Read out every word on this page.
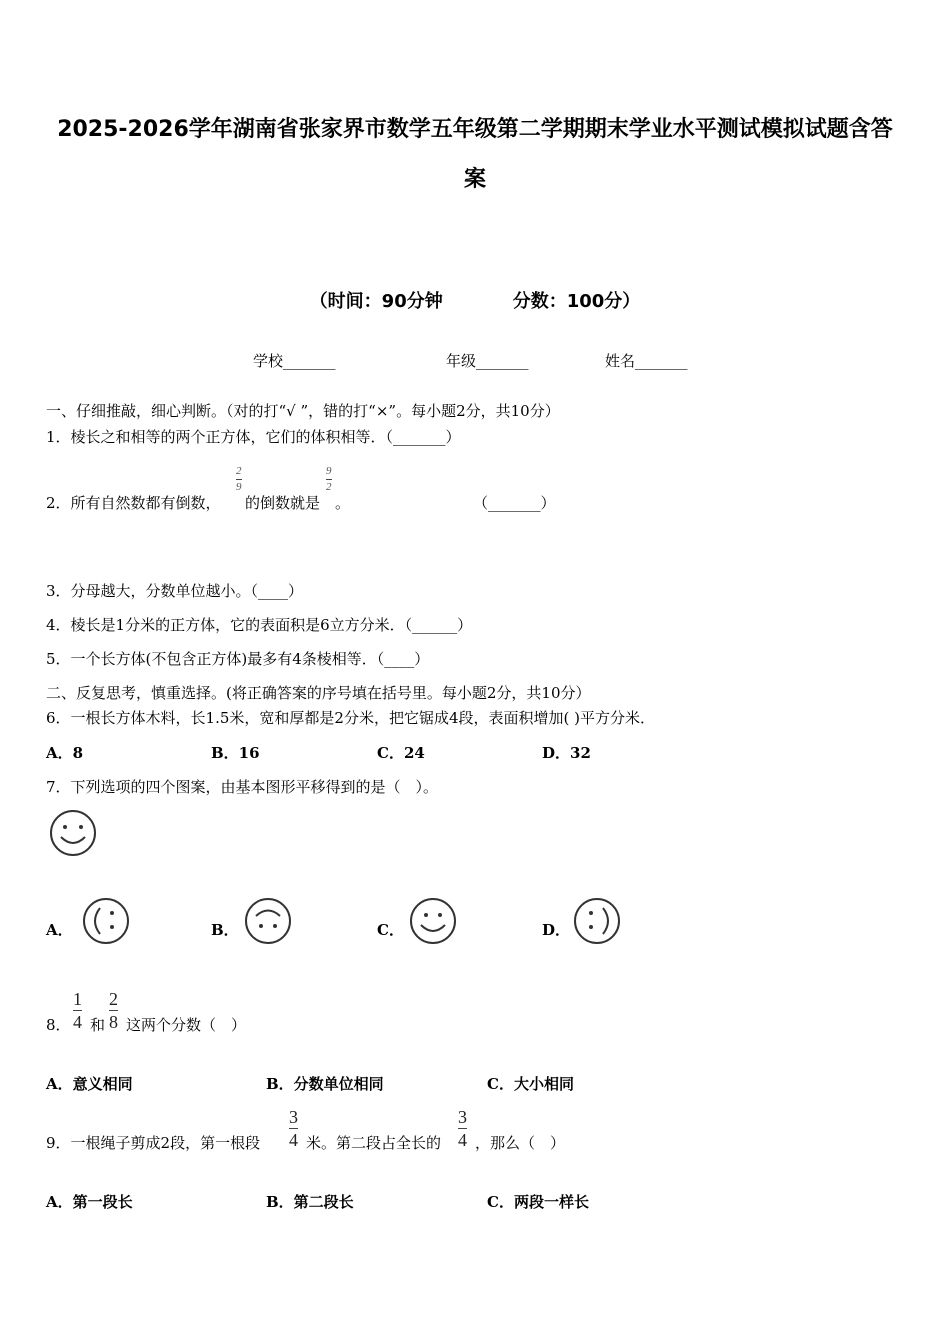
2025-2026学年湖南省张家界市数学五年级第二学期期末学业水平测试模拟试题含答
案
（时间：90分钟	分数：100分）
学校_______	年级_______	姓名_______
一、仔细推敲，细心判断。（对的打“√ ”，错的打“×”。每小题2分，共10分）
1．棱长之和相等的两个正方体，它们的体积相等．（_______）
2．所有自然数都有倒数，
2
9
的倒数就是
9
2
。	（_______）
3．分母越大，分数单位越小。（____）
4．棱长是1分米的正方体，它的表面积是6立方分米．（______）
5．一个长方体(不包含正方体)最多有4条棱相等．（____）
二、反复思考，慎重选择。(将正确答案的序号填在括号里。每小题2分，共10分）
6．一根长方体木料，长1.5米，宽和厚都是2分米，把它锯成4段，表面积增加( )平方分米．
A．8	B．16	C．24	D．32
7．下列选项的四个图案，由基本图形平移得到的是（　）。
A．	B．	C．	D．
8．
1
4 和
2
8 这两个分数（　）
A．意义相同	B．分数单位相同	C．大小相同
9．一根绳子剪成2段，第一根段
3
4 米。第二段占全长的
3
4 ，那么（　）
A．第一段长	B．第二段长	C．两段一样长
